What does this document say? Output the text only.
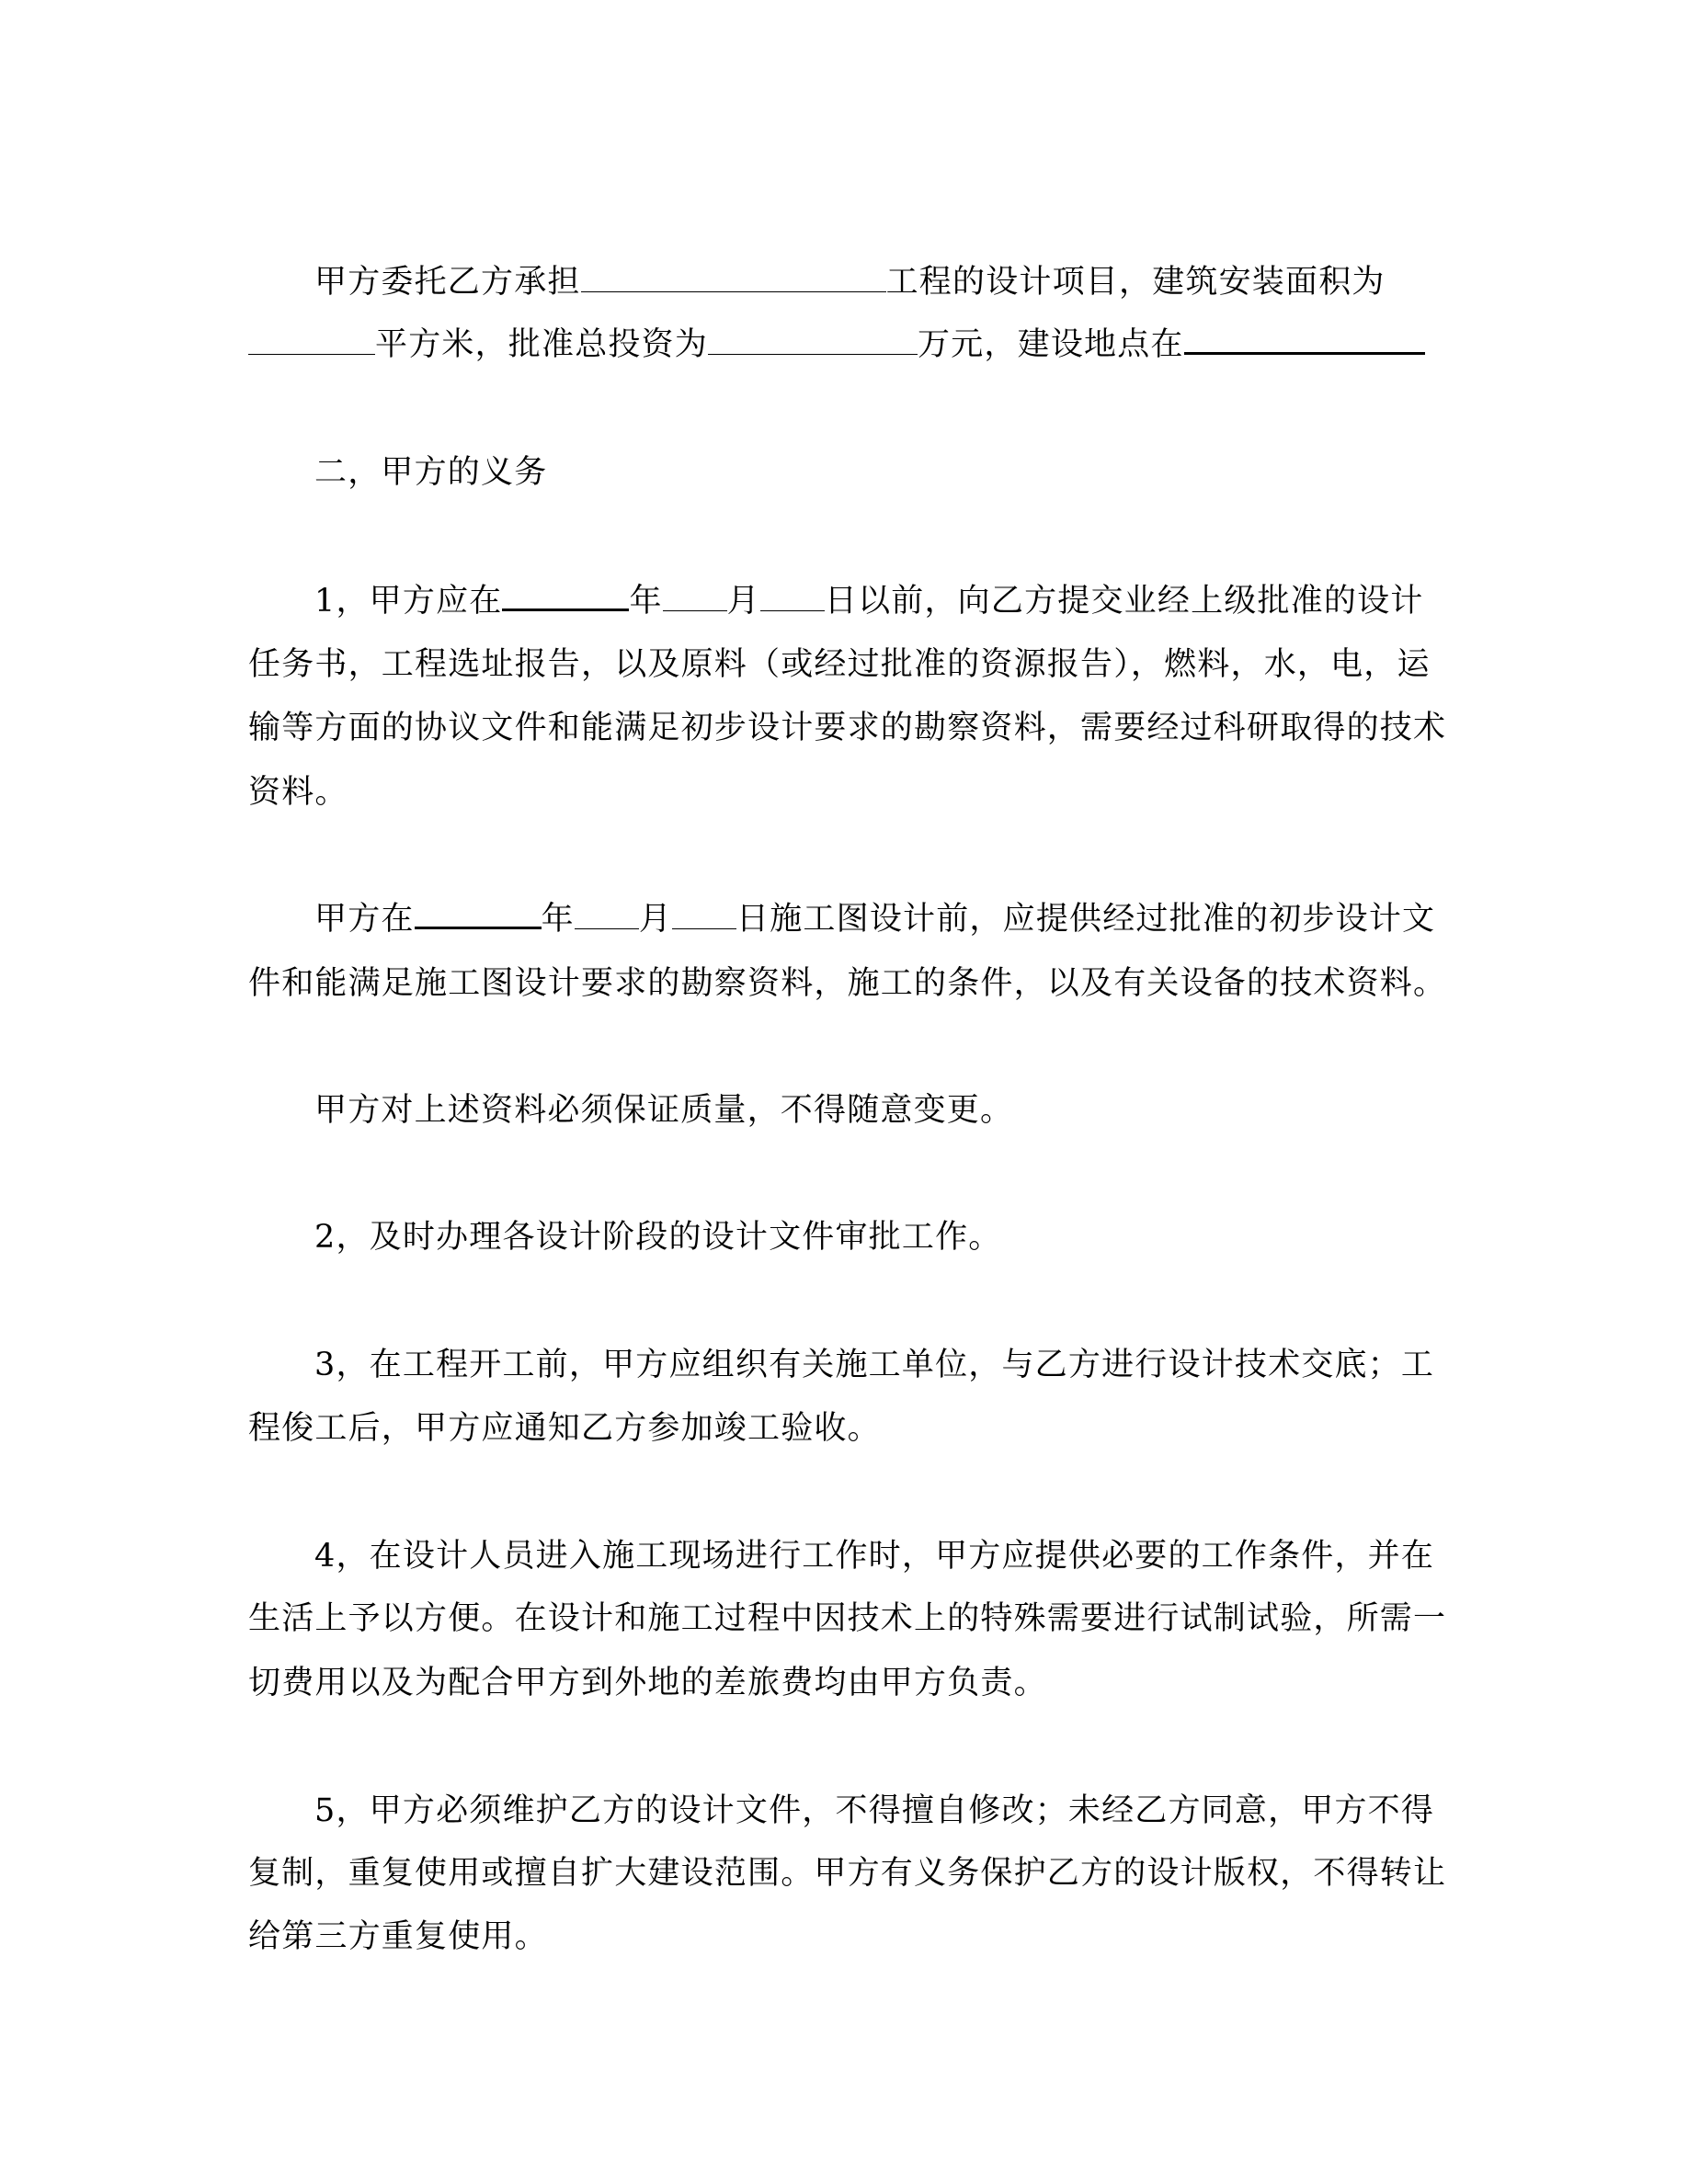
甲方委托乙方承担	工程的设计项目，建筑安装面积为
平方米，批准总投资为	万元，建设地点在
二，甲方的义务
1，甲方应在	年 月 日以前，向乙方提交业经上级批准的设计
任务书，工程选址报告，以及原料（或经过批准的资源报告），燃料，水，电，运
输等方面的协议文件和能满足初步设计要求的勘察资料，需要经过科研取得的技术
资料。
甲方在	年 月 日施工图设计前，应提供经过批准的初步设计文
件和能满足施工图设计要求的勘察资料，施工的条件，以及有关设备的技术资料。
甲方对上述资料必须保证质量，不得随意变更。
2，及时办理各设计阶段的设计文件审批工作。
3，在工程开工前，甲方应组织有关施工单位，与乙方进行设计技术交底；工
程俊工后，甲方应通知乙方参加竣工验收。
4，在设计人员进入施工现场进行工作时，甲方应提供必要的工作条件，并在
生活上予以方便。在设计和施工过程中因技术上的特殊需要进行试制试验，所需一
切费用以及为配合甲方到外地的差旅费均由甲方负责。
5，甲方必须维护乙方的设计文件，不得擅自修改；未经乙方同意，甲方不得
复制，重复使用或擅自扩大建设范围。甲方有义务保护乙方的设计版权，不得转让
给第三方重复使用。
